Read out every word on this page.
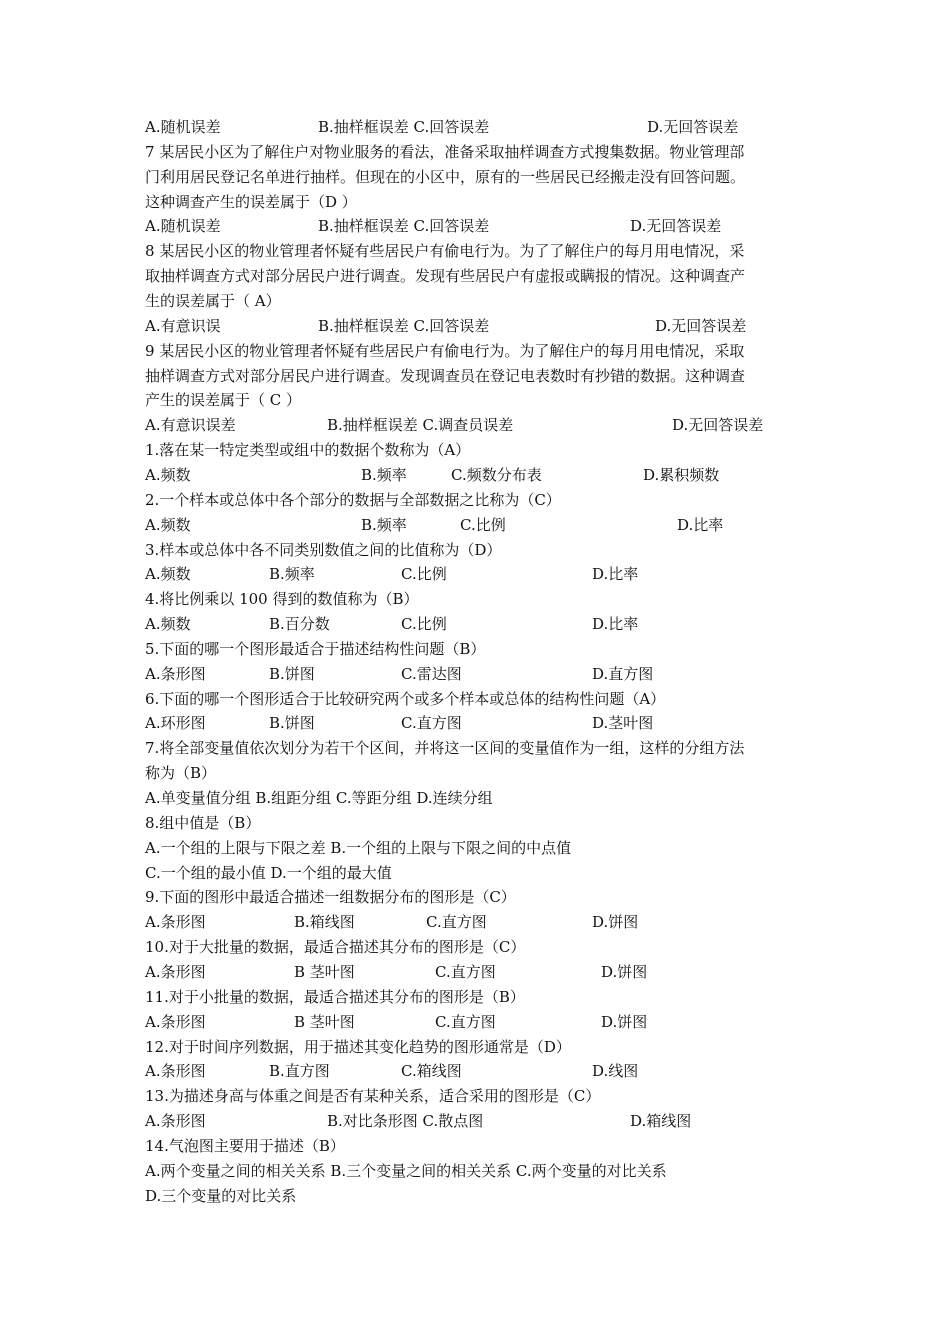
A.随机误差	B.抽样框误差 C.回答误差	D.无回答误差
7 某居民小区为了解住户对物业服务的看法，准备采取抽样调查方式搜集数据。物业管理部
门利用居民登记名单进行抽样。但现在的小区中，原有的一些居民已经搬走没有回答问题。
这种调查产生的误差属于（D ）
A.随机误差	B.抽样框误差 C.回答误差	D.无回答误差
8 某居民小区的物业管理者怀疑有些居民户有偷电行为。为了了解住户的每月用电情况，采
取抽样调查方式对部分居民户进行调查。发现有些居民户有虚报或瞒报的情况。这种调查产
生的误差属于（ A）
A.有意识误	B.抽样框误差 C.回答误差	D.无回答误差
9 某居民小区的物业管理者怀疑有些居民户有偷电行为。为了解住户的每月用电情况，采取
抽样调查方式对部分居民户进行调查。发现调查员在登记电表数时有抄错的数据。这种调查
产生的误差属于（ C ）
A.有意识误差	B.抽样框误差 C.调查员误差	D.无回答误差
1.落在某一特定类型或组中的数据个数称为（A）
A.频数	B.频率	C.频数分布表	D.累积频数
2.一个样本或总体中各个部分的数据与全部数据之比称为（C）
A.频数	B.频率	C.比例	D.比率
3.样本或总体中各不同类别数值之间的比值称为（D）
A.频数	B.频率	C.比例	D.比率
4.将比例乘以 100 得到的数值称为（B）
A.频数	B.百分数	C.比例	D.比率
5.下面的哪一个图形最适合于描述结构性问题（B）
A.条形图	B.饼图	C.雷达图	D.直方图
6.下面的哪一个图形适合于比较研究两个或多个样本或总体的结构性问题（A）
A.环形图	B.饼图	C.直方图	D.茎叶图
7.将全部变量值依次划分为若干个区间，并将这一区间的变量值作为一组，这样的分组方法
称为（B）
A.单变量值分组 B.组距分组 C.等距分组 D.连续分组
8.组中值是（B）
A.一个组的上限与下限之差 B.一个组的上限与下限之间的中点值
C.一个组的最小值 D.一个组的最大值
9.下面的图形中最适合描述一组数据分布的图形是（C）
A.条形图	B.箱线图	C.直方图	D.饼图
10.对于大批量的数据，最适合描述其分布的图形是（C）
A.条形图	B 茎叶图	C.直方图	D.饼图
11.对于小批量的数据，最适合描述其分布的图形是（B）
A.条形图	B 茎叶图	C.直方图	D.饼图
12.对于时间序列数据，用于描述其变化趋势的图形通常是（D）
A.条形图	B.直方图	C.箱线图	D.线图
13.为描述身高与体重之间是否有某种关系，适合采用的图形是（C）
A.条形图	B.对比条形图 C.散点图	D.箱线图
14.气泡图主要用于描述（B）
A.两个变量之间的相关关系 B.三个变量之间的相关关系 C.两个变量的对比关系
D.三个变量的对比关系
